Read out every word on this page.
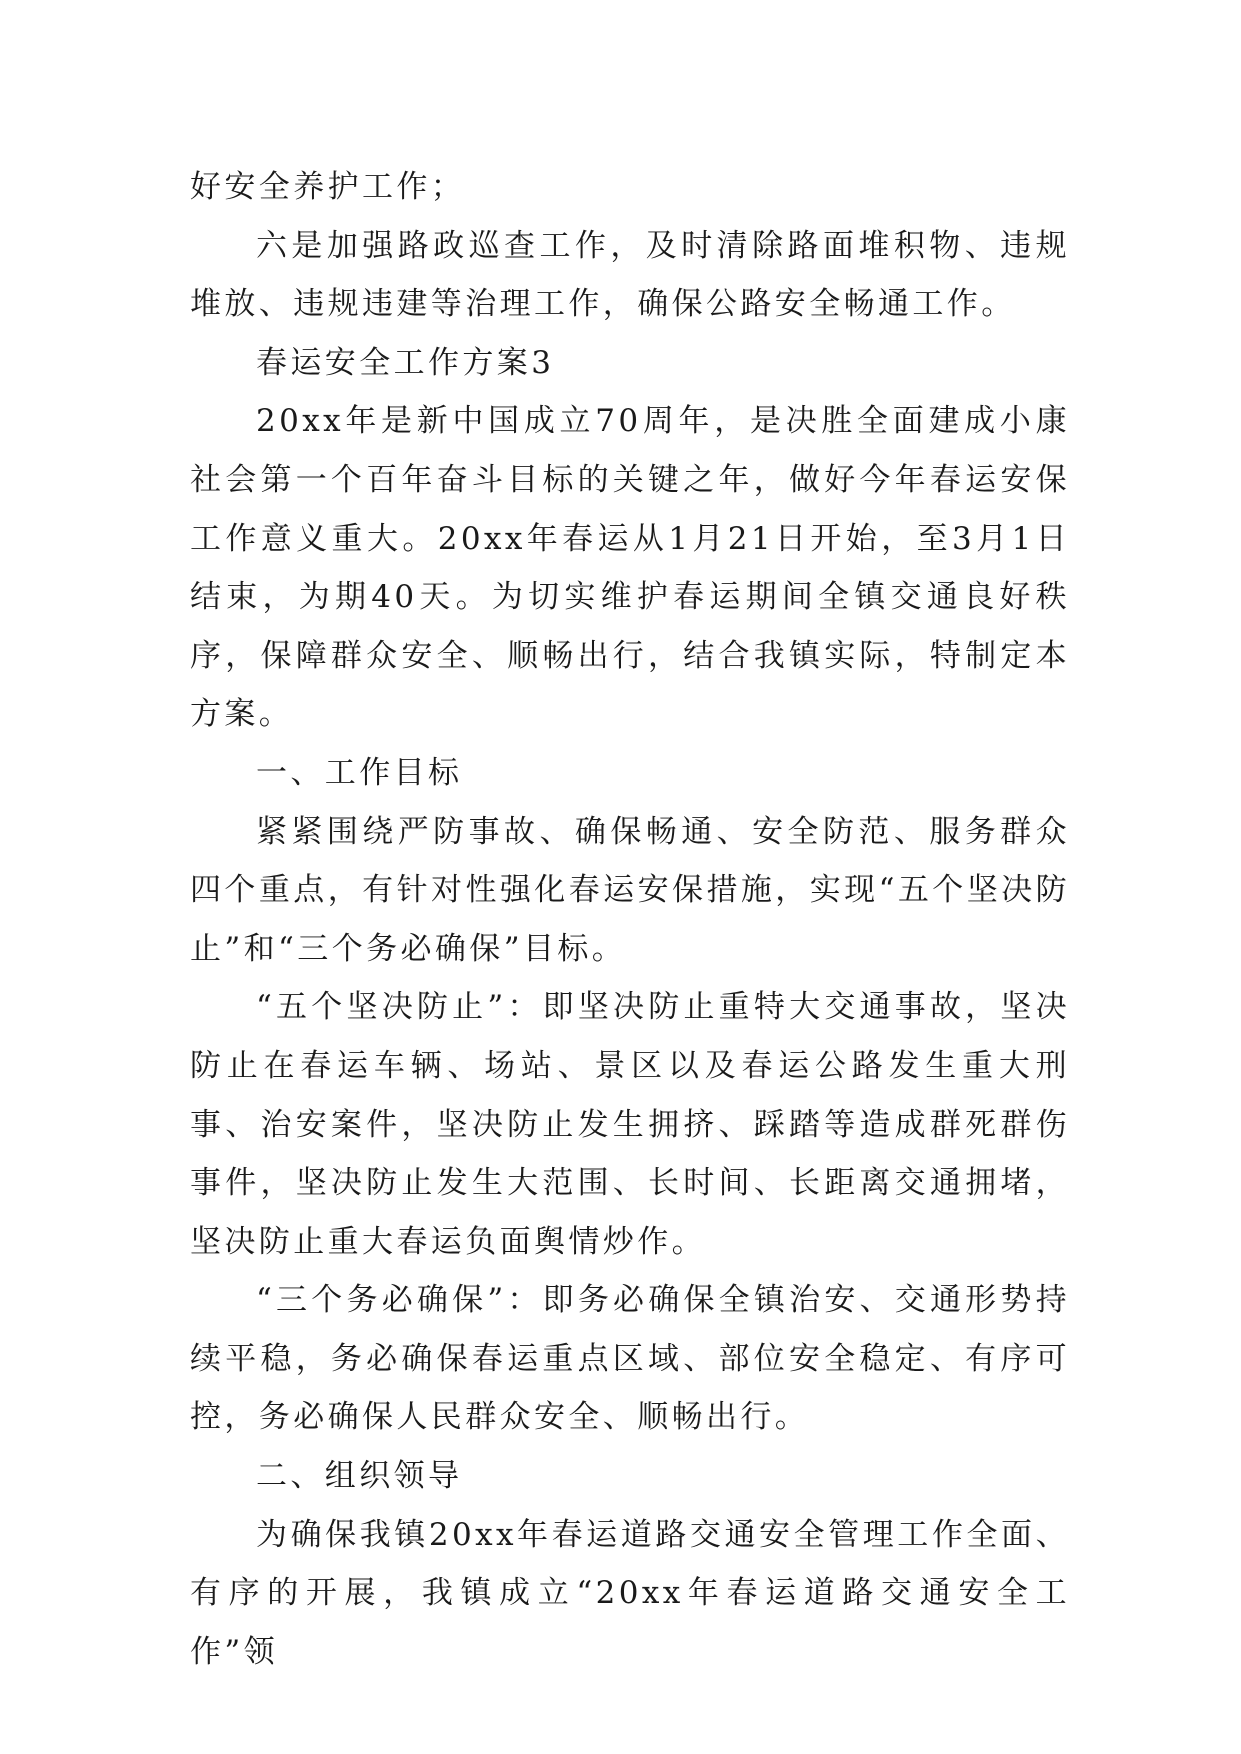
好安全养护工作；

六是加强路政巡查工作，及时清除路面堆积物、违规堆放、违规违建等治理工作，确保公路安全畅通工作。

春运安全工作方案3

20xx年是新中国成立70周年，是决胜全面建成小康社会第一个百年奋斗目标的关键之年，做好今年春运安保工作意义重大。20xx年春运从1月21日开始，至3月1日结束，为期40天。为切实维护春运期间全镇交通良好秩序，保障群众安全、顺畅出行，结合我镇实际，特制定本方案。

一、工作目标

紧紧围绕严防事故、确保畅通、安全防范、服务群众四个重点，有针对性强化春运安保措施，实现“五个坚决防止”和“三个务必确保”目标。

“五个坚决防止”：即坚决防止重特大交通事故，坚决防止在春运车辆、场站、景区以及春运公路发生重大刑事、治安案件，坚决防止发生拥挤、踩踏等造成群死群伤事件，坚决防止发生大范围、长时间、长距离交通拥堵，坚决防止重大春运负面舆情炒作。

“三个务必确保”：即务必确保全镇治安、交通形势持续平稳，务必确保春运重点区域、部位安全稳定、有序可控，务必确保人民群众安全、顺畅出行。

二、组织领导

为确保我镇20xx年春运道路交通安全管理工作全面、有序的开展，我镇成立“20xx年春运道路交通安全工作”领
